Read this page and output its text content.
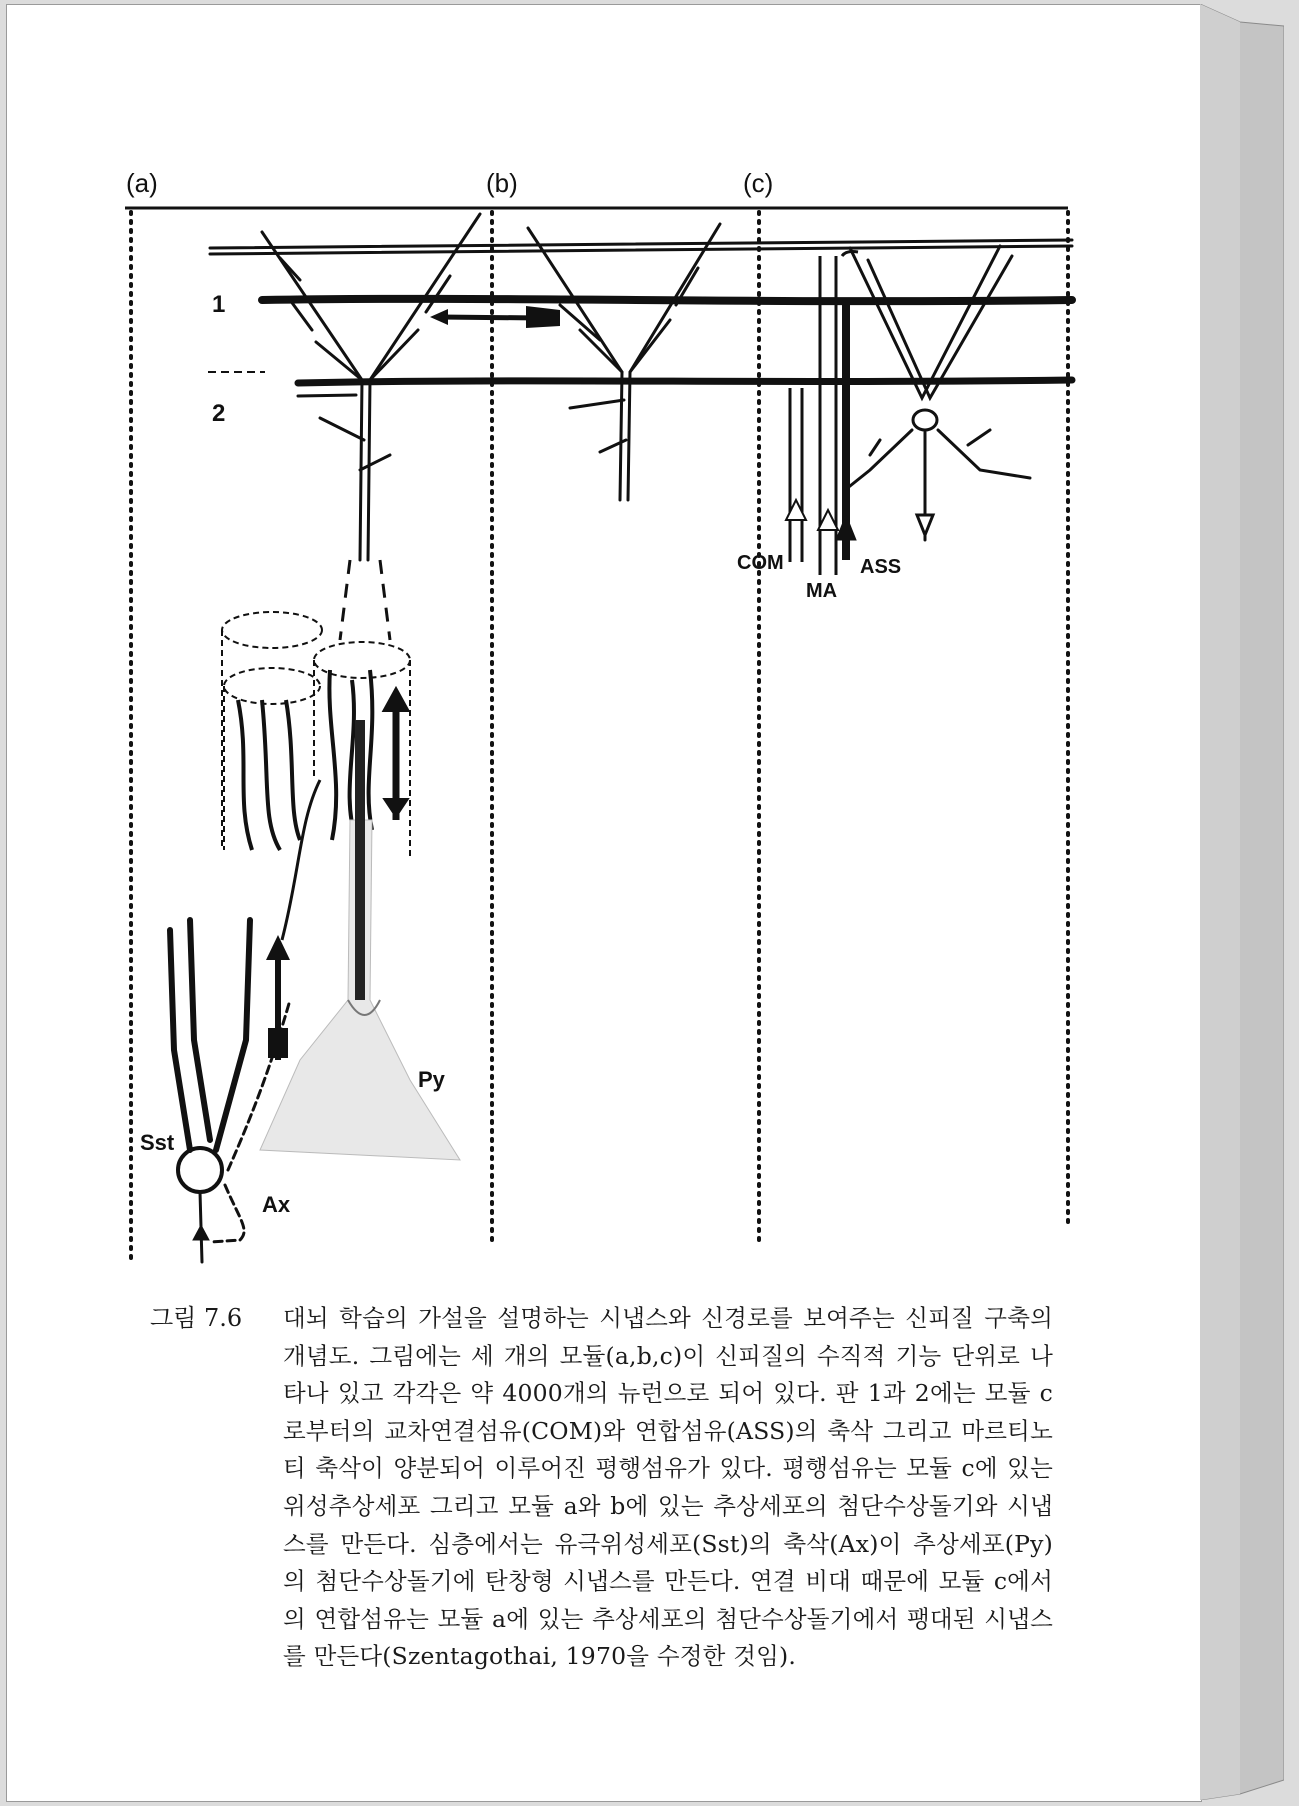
(a)	(b)	(c)
1
2
COM
MA
ASS
Py
Sst
Ax
그림 7.6	대뇌 학습의 가설을 설명하는 시냅스와 신경로를 보여주는 신피질 구축의 개념도. 그림에는 세 개의 모듈(a,b,c)이 신피질의 수직적 기능 단위로 나타나 있고 각각은 약 4000개의 뉴런으로 되어 있다. 판 1과 2에는 모듈 c로부터의 교차연결섬유(COM)와 연합섬유(ASS)의 축삭 그리고 마르티노티 축삭이 양분되어 이루어진 평행섬유가 있다. 평행섬유는 모듈 c에 있는 위성추상세포 그리고 모듈 a와 b에 있는 추상세포의 첨단수상돌기와 시냅스를 만든다. 심층에서는 유극위성세포(Sst)의 축삭(Ax)이 추상세포(Py)의 첨단수상돌기에 탄창형 시냅스를 만든다. 연결 비대 때문에 모듈 c에서의 연합섬유는 모듈 a에 있는 추상세포의 첨단수상돌기에서 팽대된 시냅스를 만든다(Szentagothai, 1970을 수정한 것임).
